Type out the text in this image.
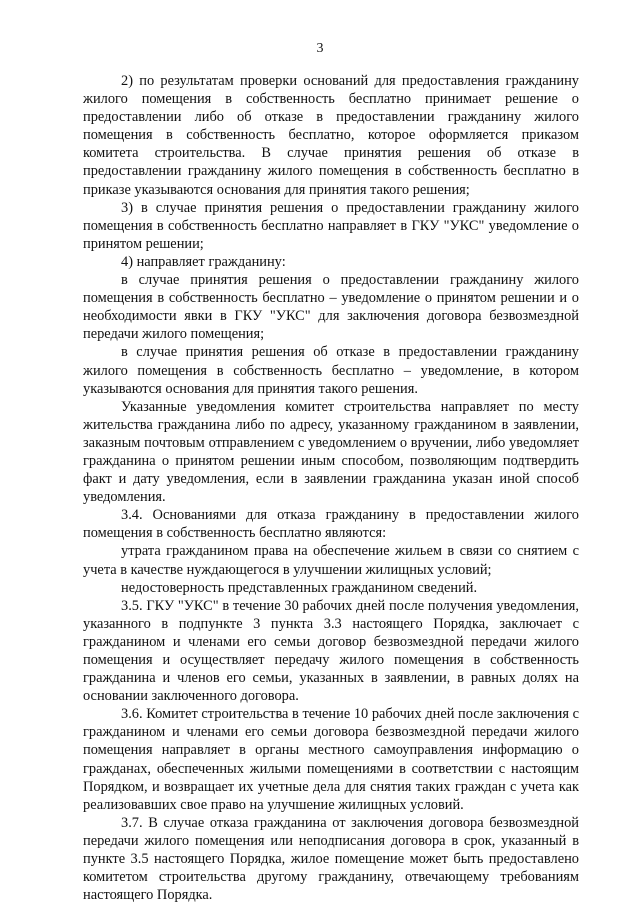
3

2) по результатам проверки оснований для предоставления гражданину жилого помещения в собственность бесплатно принимает решение о предоставлении либо об отказе в предоставлении гражданину жилого помещения в собственность бесплатно, которое оформляется приказом комитета строительства. В случае принятия решения об отказе в предоставлении гражданину жилого помещения в собственность бесплатно в приказе указываются основания для принятия такого решения;

3) в случае принятия решения о предоставлении гражданину жилого помещения в собственность бесплатно направляет в ГКУ "УКС" уведомление о принятом решении;

4) направляет гражданину:

в случае принятия решения о предоставлении гражданину жилого помещения в собственность бесплатно – уведомление о принятом решении и о необходимости явки в ГКУ "УКС" для заключения договора безвозмездной передачи жилого помещения;

в случае принятия решения об отказе в предоставлении гражданину жилого помещения в собственность бесплатно – уведомление, в котором указываются основания для принятия такого решения.

Указанные уведомления комитет строительства направляет по месту жительства гражданина либо по адресу, указанному гражданином в заявлении, заказным почтовым отправлением с уведомлением о вручении, либо уведомляет гражданина о принятом решении иным способом, позволяющим подтвердить факт и дату уведомления, если в заявлении гражданина указан иной способ уведомления.

3.4. Основаниями для отказа гражданину в предоставлении жилого помещения в собственность бесплатно являются:

утрата гражданином права на обеспечение жильем в связи со снятием с учета в качестве нуждающегося в улучшении жилищных условий;

недостоверность представленных гражданином сведений.

3.5. ГКУ "УКС" в течение 30 рабочих дней после получения уведомления, указанного в подпункте 3 пункта 3.3 настоящего Порядка, заключает с гражданином и членами его семьи договор безвозмездной передачи жилого помещения и осуществляет передачу жилого помещения в собственность гражданина и членов его семьи, указанных в заявлении, в равных долях на основании заключенного договора.

3.6. Комитет строительства в течение 10 рабочих дней после заключения с гражданином и членами его семьи договора безвозмездной передачи жилого помещения направляет в органы местного самоуправления информацию о гражданах, обеспеченных жилыми помещениями в соответствии с настоящим Порядком, и возвращает их учетные дела для снятия таких граждан с учета как реализовавших свое право на улучшение жилищных условий.

3.7. В случае отказа гражданина от заключения договора безвозмездной передачи жилого помещения или неподписания договора в срок, указанный в пункте 3.5 настоящего Порядка, жилое помещение может быть предоставлено комитетом строительства другому гражданину, отвечающему требованиям настоящего Порядка.
